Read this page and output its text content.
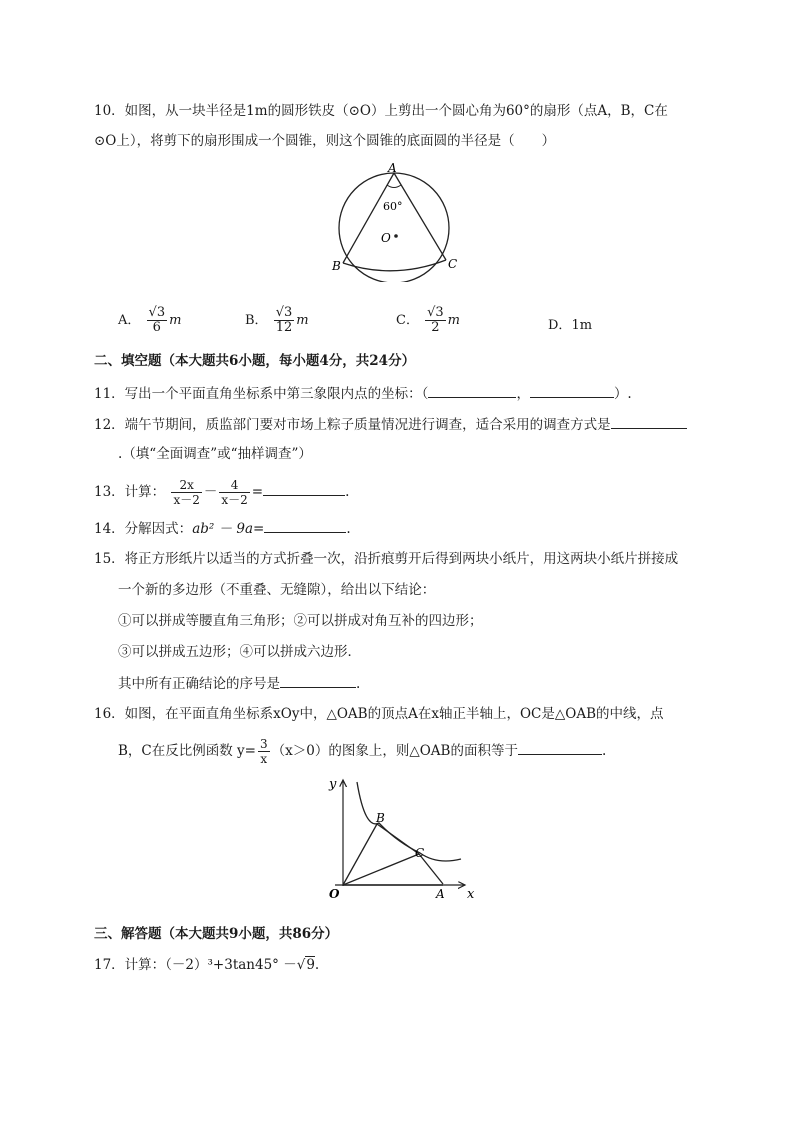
10．如图，从一块半径是1m的圆形铁皮（⊙O）上剪出一个圆心角为60°的扇形（点A，B，C在
⊙O上），将剪下的扇形围成一个圆锥，则这个圆锥的底面圆的半径是（　　）
A
60°
O
B	C
A． $\frac{√3}{6}$ m	B． $\frac{√3}{12}$ m	C． $\frac{√3}{2}$ m	D．1m
二、填空题（本大题共6小题，每小题4分，共24分）
11．写出一个平面直角坐标系中第三象限内点的坐标：（	，	）.
12．端午节期间，质监部门要对市场上粽子质量情况进行调查，适合采用的调查方式是
.（填“全面调查”或“抽样调查”）
13．计算： $\frac{2x}{x-2} - \frac{4}{x-2}$ =	.
14．分解因式：ab² － 9a=	.
15．将正方形纸片以适当的方式折叠一次，沿折痕剪开后得到两块小纸片，用这两块小纸片拼接成
一个新的多边形（不重叠、无缝隙），给出以下结论：
①可以拼成等腰直角三角形；②可以拼成对角互补的四边形；
③可以拼成五边形；④可以拼成六边形．
其中所有正确结论的序号是	.
16．如图，在平面直角坐标系xOy中，△OAB的顶点A在x轴正半轴上，OC是△OAB的中线，点
B，C在反比例函数 $y= \frac{3}{x} (x>0)$的图象上，则△OAB的面积等于	.
y
x
O	A
B
C
三、解答题（本大题共9小题，共86分）
17．计算：（－2）³+3tan45° －√9.
